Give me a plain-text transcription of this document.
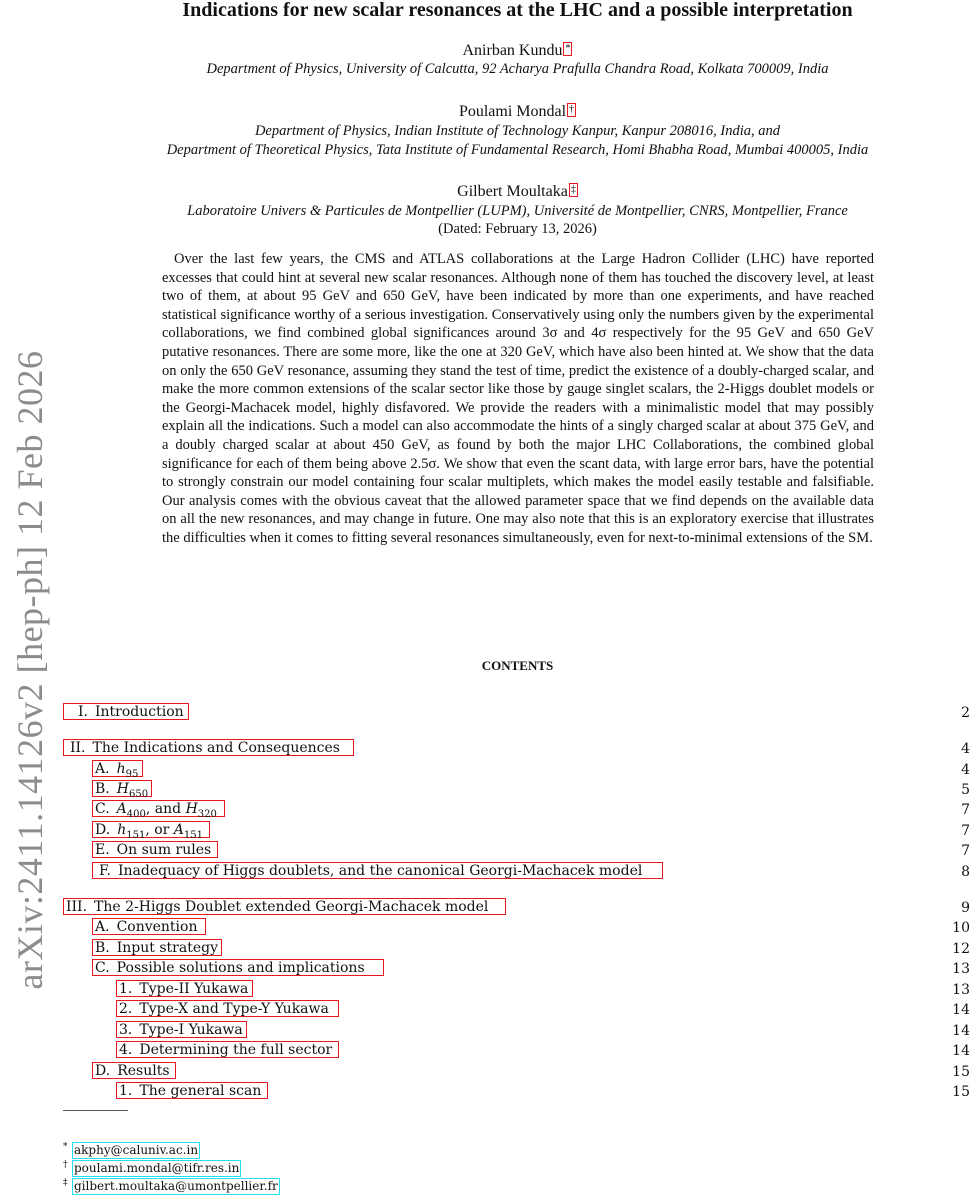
arXiv:2411.14126v2 [hep-ph] 12 Feb 2026
Indications for new scalar resonances at the LHC and a possible interpretation
Anirban Kundu *
Department of Physics, University of Calcutta, 92 Acharya Prafulla Chandra Road, Kolkata 700009, India
Poulami Mondal †
Department of Physics, Indian Institute of Technology Kanpur, Kanpur 208016, India, and
Department of Theoretical Physics, Tata Institute of Fundamental Research, Homi Bhabha Road, Mumbai 400005, India
Gilbert Moultaka ‡
Laboratoire Univers & Particules de Montpellier (LUPM), Université de Montpellier, CNRS, Montpellier, France
(Dated: February 13, 2026)
Over the last few years, the CMS and ATLAS collaborations at the Large Hadron Collider (LHC) have reported excesses that could hint at several new scalar resonances. Although none of them has touched the discovery level, at least two of them, at about 95 GeV and 650 GeV, have been indicated by more than one experiments, and have reached statistical significance worthy of a serious investigation. Conservatively using only the numbers given by the experimental collaborations, we find combined global significances around 3σ and 4σ respectively for the 95 GeV and 650 GeV putative resonances. There are some more, like the one at 320 GeV, which have also been hinted at. We show that the data on only the 650 GeV resonance, assuming they stand the test of time, predict the existence of a doubly-charged scalar, and make the more common extensions of the scalar sector like those by gauge singlet scalars, the 2-Higgs doublet models or the Georgi-Machacek model, highly disfavored. We provide the readers with a minimalistic model that may possibly explain all the indications. Such a model can also accommodate the hints of a singly charged scalar at about 375 GeV, and a doubly charged scalar at about 450 GeV, as found by both the major LHC Collaborations, the combined global significance for each of them being above 2.5σ. We show that even the scant data, with large error bars, have the potential to strongly constrain our model containing four scalar multiplets, which makes the model easily testable and falsifiable. Our analysis comes with the obvious caveat that the allowed parameter space that we find depends on the available data on all the new resonances, and may change in future. One may also note that this is an exploratory exercise that illustrates the difficulties when it comes to fitting several resonances simultaneously, even for next-to-minimal extensions of the SM.
CONTENTS
I. Introduction	2
II. The Indications and Consequences	4
A. $h_{95}$	4
B. $H_{650}$	5
C. $A_{400}$, and $H_{320}$	7
D. $h_{151}$, or $A_{151}$	7
E. On sum rules	7
F. Inadequacy of Higgs doublets, and the canonical Georgi-Machacek model	8
III. The 2-Higgs Doublet extended Georgi-Machacek model	9
A. Convention	10
B. Input strategy	12
C. Possible solutions and implications	13
1. Type-II Yukawa	13
2. Type-X and Type-Y Yukawa	14
3. Type-I Yukawa	14
4. Determining the full sector	14
D. Results	15
1. The general scan	15
* akphy@caluniv.ac.in
† poulami.mondal@tifr.res.in
‡ gilbert.moultaka@umontpellier.fr
